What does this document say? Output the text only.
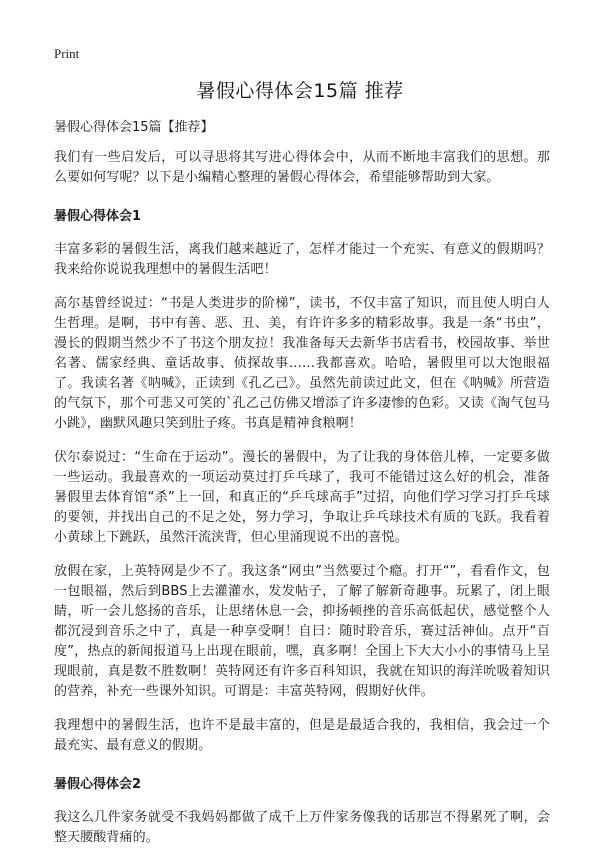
Print
暑假心得体会15篇 推荐
暑假心得体会15篇【推荐】

我们有一些启发后，可以寻思将其写进心得体会中，从而不断地丰富我们的思想。那么要如何写呢？以下是小编精心整理的暑假心得体会，希望能够帮助到大家。

暑假心得体会1

丰富多彩的暑假生活，离我们越来越近了，怎样才能过一个充实、有意义的假期吗？我来给你说说我理想中的暑假生活吧！

高尔基曾经说过：“书是人类进步的阶梯”，读书，不仅丰富了知识，而且使人明白人生哲理。是啊，书中有善、恶、丑、美，有许许多多的精彩故事。我是一条“书虫”，漫长的假期当然少不了书这个朋友拉！我准备每天去新华书店看书，校园故事、举世名著、儒家经典、童话故事、侦探故事……我都喜欢。哈哈，暑假里可以大饱眼福了。我读名著《呐喊》，正读到《孔乙己》。虽然先前读过此文，但在《呐喊》所营造的气氛下，那个可悲又可笑的`孔乙己仿佛又增添了许多凄惨的色彩。又读《淘气包马小跳》，幽默风趣只笑到肚子疼。书真是精神食粮啊！

伏尔泰说过：“生命在于运动”。漫长的暑假中，为了让我的身体倍儿棒，一定要多做一些运动。我最喜欢的一项运动莫过打乒乓球了，我可不能错过这么好的机会，准备暑假里去体育馆“杀”上一回，和真正的“乒乓球高手”过招，向他们学习学习打乒乓球的要领，并找出自己的不足之处，努力学习，争取让乒乓球技术有质的飞跃。我看着小黄球上下跳跃，虽然汗流浃背，但心里涌现说不出的喜悦。

放假在家，上英特网是少不了。我这条“网虫”当然要过个瘾。打开“”，看看作文，包一包眼福，然后到BBS上去灌灌水，发发帖子，了解了解新奇趣事。玩累了，闭上眼睛，听一会儿悠扬的音乐，让思绪休息一会，抑扬顿挫的音乐高低起伏，感觉整个人都沉浸到音乐之中了，真是一种享受啊！自曰：随时聆音乐，赛过活神仙。点开“百度”，热点的新闻报道马上出现在眼前，嘿，真多啊！全国上下大大小小的事情马上呈现眼前，真是数不胜数啊！英特网还有许多百科知识，我就在知识的海洋吮吸着知识的营养，补充一些课外知识。可谓是：丰富英特网，假期好伙伴。

我理想中的暑假生活，也许不是最丰富的，但是是最适合我的，我相信，我会过一个最充实、最有意义的假期。

暑假心得体会2

我这么几件家务就受不我妈妈都做了成千上万件家务像我的话那岂不得累死了啊，会整天腰酸背痛的。
